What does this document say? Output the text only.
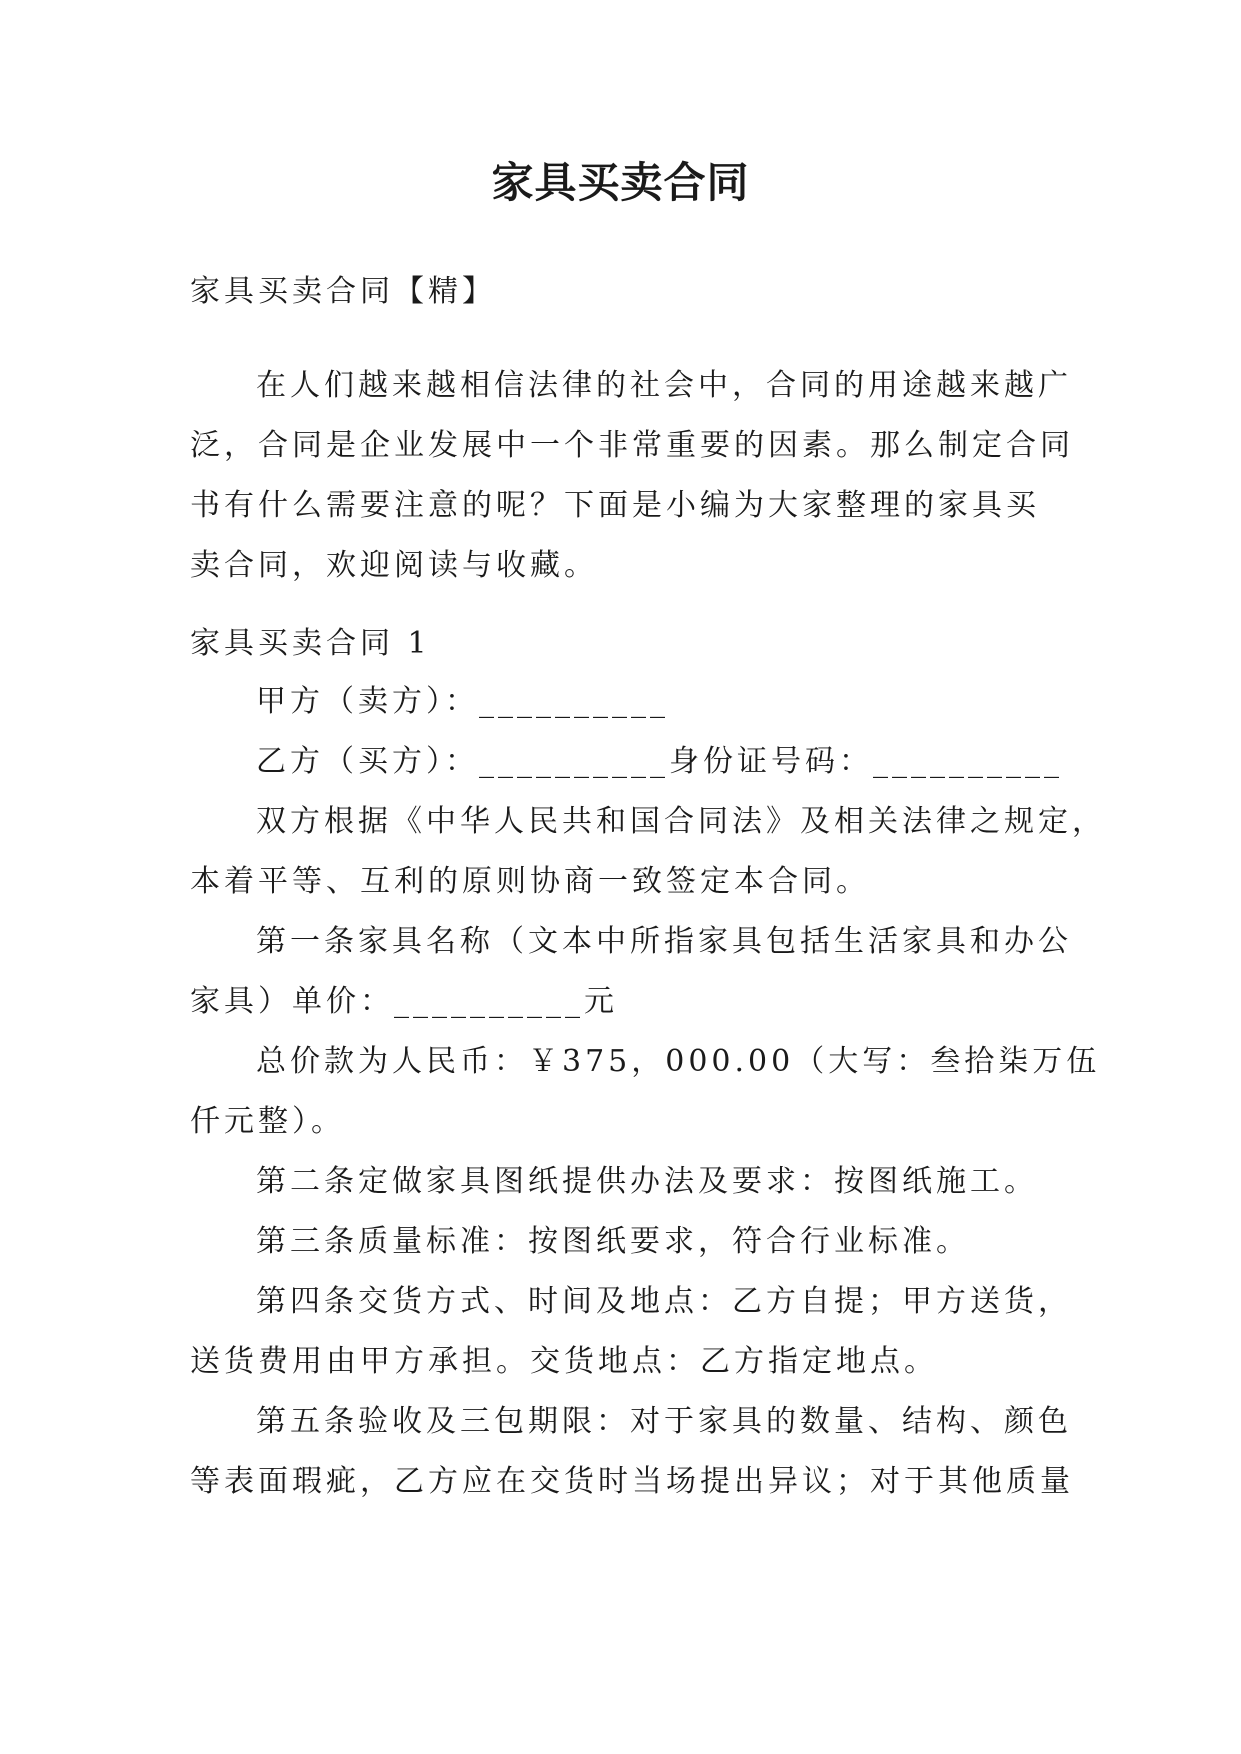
家具买卖合同
家具买卖合同【精】
在人们越来越相信法律的社会中，合同的用途越来越广
泛，合同是企业发展中一个非常重要的因素。那么制定合同
书有什么需要注意的呢？下面是小编为大家整理的家具买
卖合同，欢迎阅读与收藏。
家具买卖合同 1
甲方（卖方）：__________
乙方（买方）：__________身份证号码：__________
双方根据《中华人民共和国合同法》及相关法律之规定，
本着平等、互利的原则协商一致签定本合同。
第一条家具名称（文本中所指家具包括生活家具和办公
家具）单价：__________元
总价款为人民币：￥375，000.00（大写：叁拾柒万伍
仟元整）。
第二条定做家具图纸提供办法及要求：按图纸施工。
第三条质量标准：按图纸要求，符合行业标准。
第四条交货方式、时间及地点：乙方自提；甲方送货，
送货费用由甲方承担。交货地点：乙方指定地点。
第五条验收及三包期限：对于家具的数量、结构、颜色
等表面瑕疵，乙方应在交货时当场提出异议；对于其他质量
